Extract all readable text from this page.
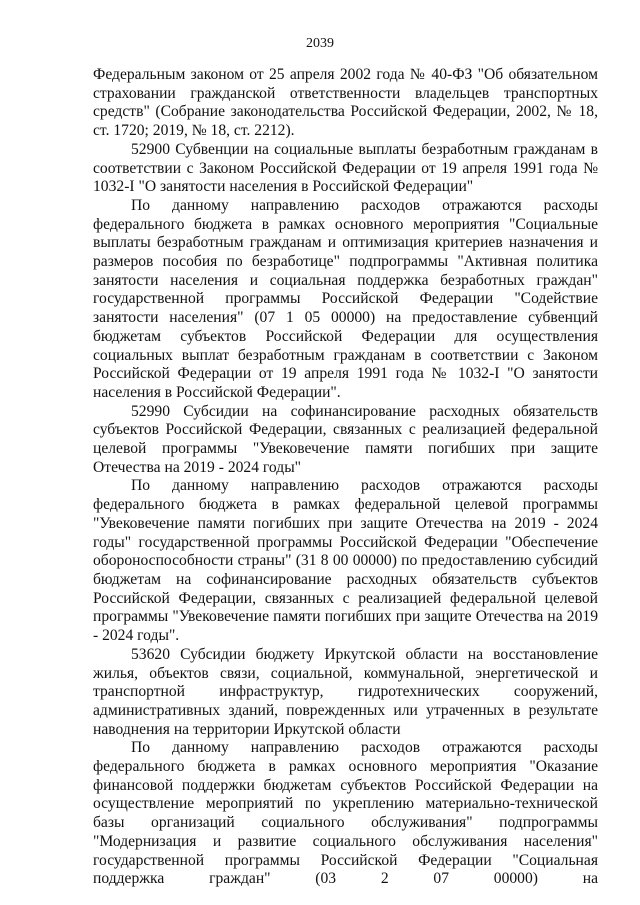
2039

Федеральным законом от 25 апреля 2002 года № 40-ФЗ "Об обязательном страховании гражданской ответственности владельцев транспортных средств" (Собрание законодательства Российской Федерации, 2002, № 18, ст. 1720; 2019, № 18, ст. 2212).

52900 Субвенции на социальные выплаты безработным гражданам в соответствии с Законом Российской Федерации от 19 апреля 1991 года № 1032-I "О занятости населения в Российской Федерации"

По данному направлению расходов отражаются расходы федерального бюджета в рамках основного мероприятия "Социальные выплаты безработным гражданам и оптимизация критериев назначения и размеров пособия по безработице" подпрограммы "Активная политика занятости населения и социальная поддержка безработных граждан" государственной программы Российской Федерации "Содействие занятости населения" (07 1 05 00000) на предоставление субвенций бюджетам субъектов Российской Федерации для осуществления социальных выплат безработным гражданам в соответствии с Законом Российской Федерации от 19 апреля 1991 года № 1032-I "О занятости населения в Российской Федерации".

52990 Субсидии на софинансирование расходных обязательств субъектов Российской Федерации, связанных с реализацией федеральной целевой программы "Увековечение памяти погибших при защите Отечества на 2019 - 2024 годы"

По данному направлению расходов отражаются расходы федерального бюджета в рамках федеральной целевой программы "Увековечение памяти погибших при защите Отечества на 2019 - 2024 годы" государственной программы Российской Федерации "Обеспечение обороноспособности страны" (31 8 00 00000) по предоставлению субсидий бюджетам на софинансирование расходных обязательств субъектов Российской Федерации, связанных с реализацией федеральной целевой программы "Увековечение памяти погибших при защите Отечества на 2019 - 2024 годы".

53620 Субсидии бюджету Иркутской области на восстановление жилья, объектов связи, социальной, коммунальной, энергетической и транспортной инфраструктур, гидротехнических сооружений, административных зданий, поврежденных или утраченных в результате наводнения на территории Иркутской области

По данному направлению расходов отражаются расходы федерального бюджета в рамках основного мероприятия "Оказание финансовой поддержки бюджетам субъектов Российской Федерации на осуществление мероприятий по укреплению материально-технической базы организаций социального обслуживания" подпрограммы "Модернизация и развитие социального обслуживания населения" государственной программы Российской Федерации "Социальная поддержка граждан" (03 2 07 00000) на
